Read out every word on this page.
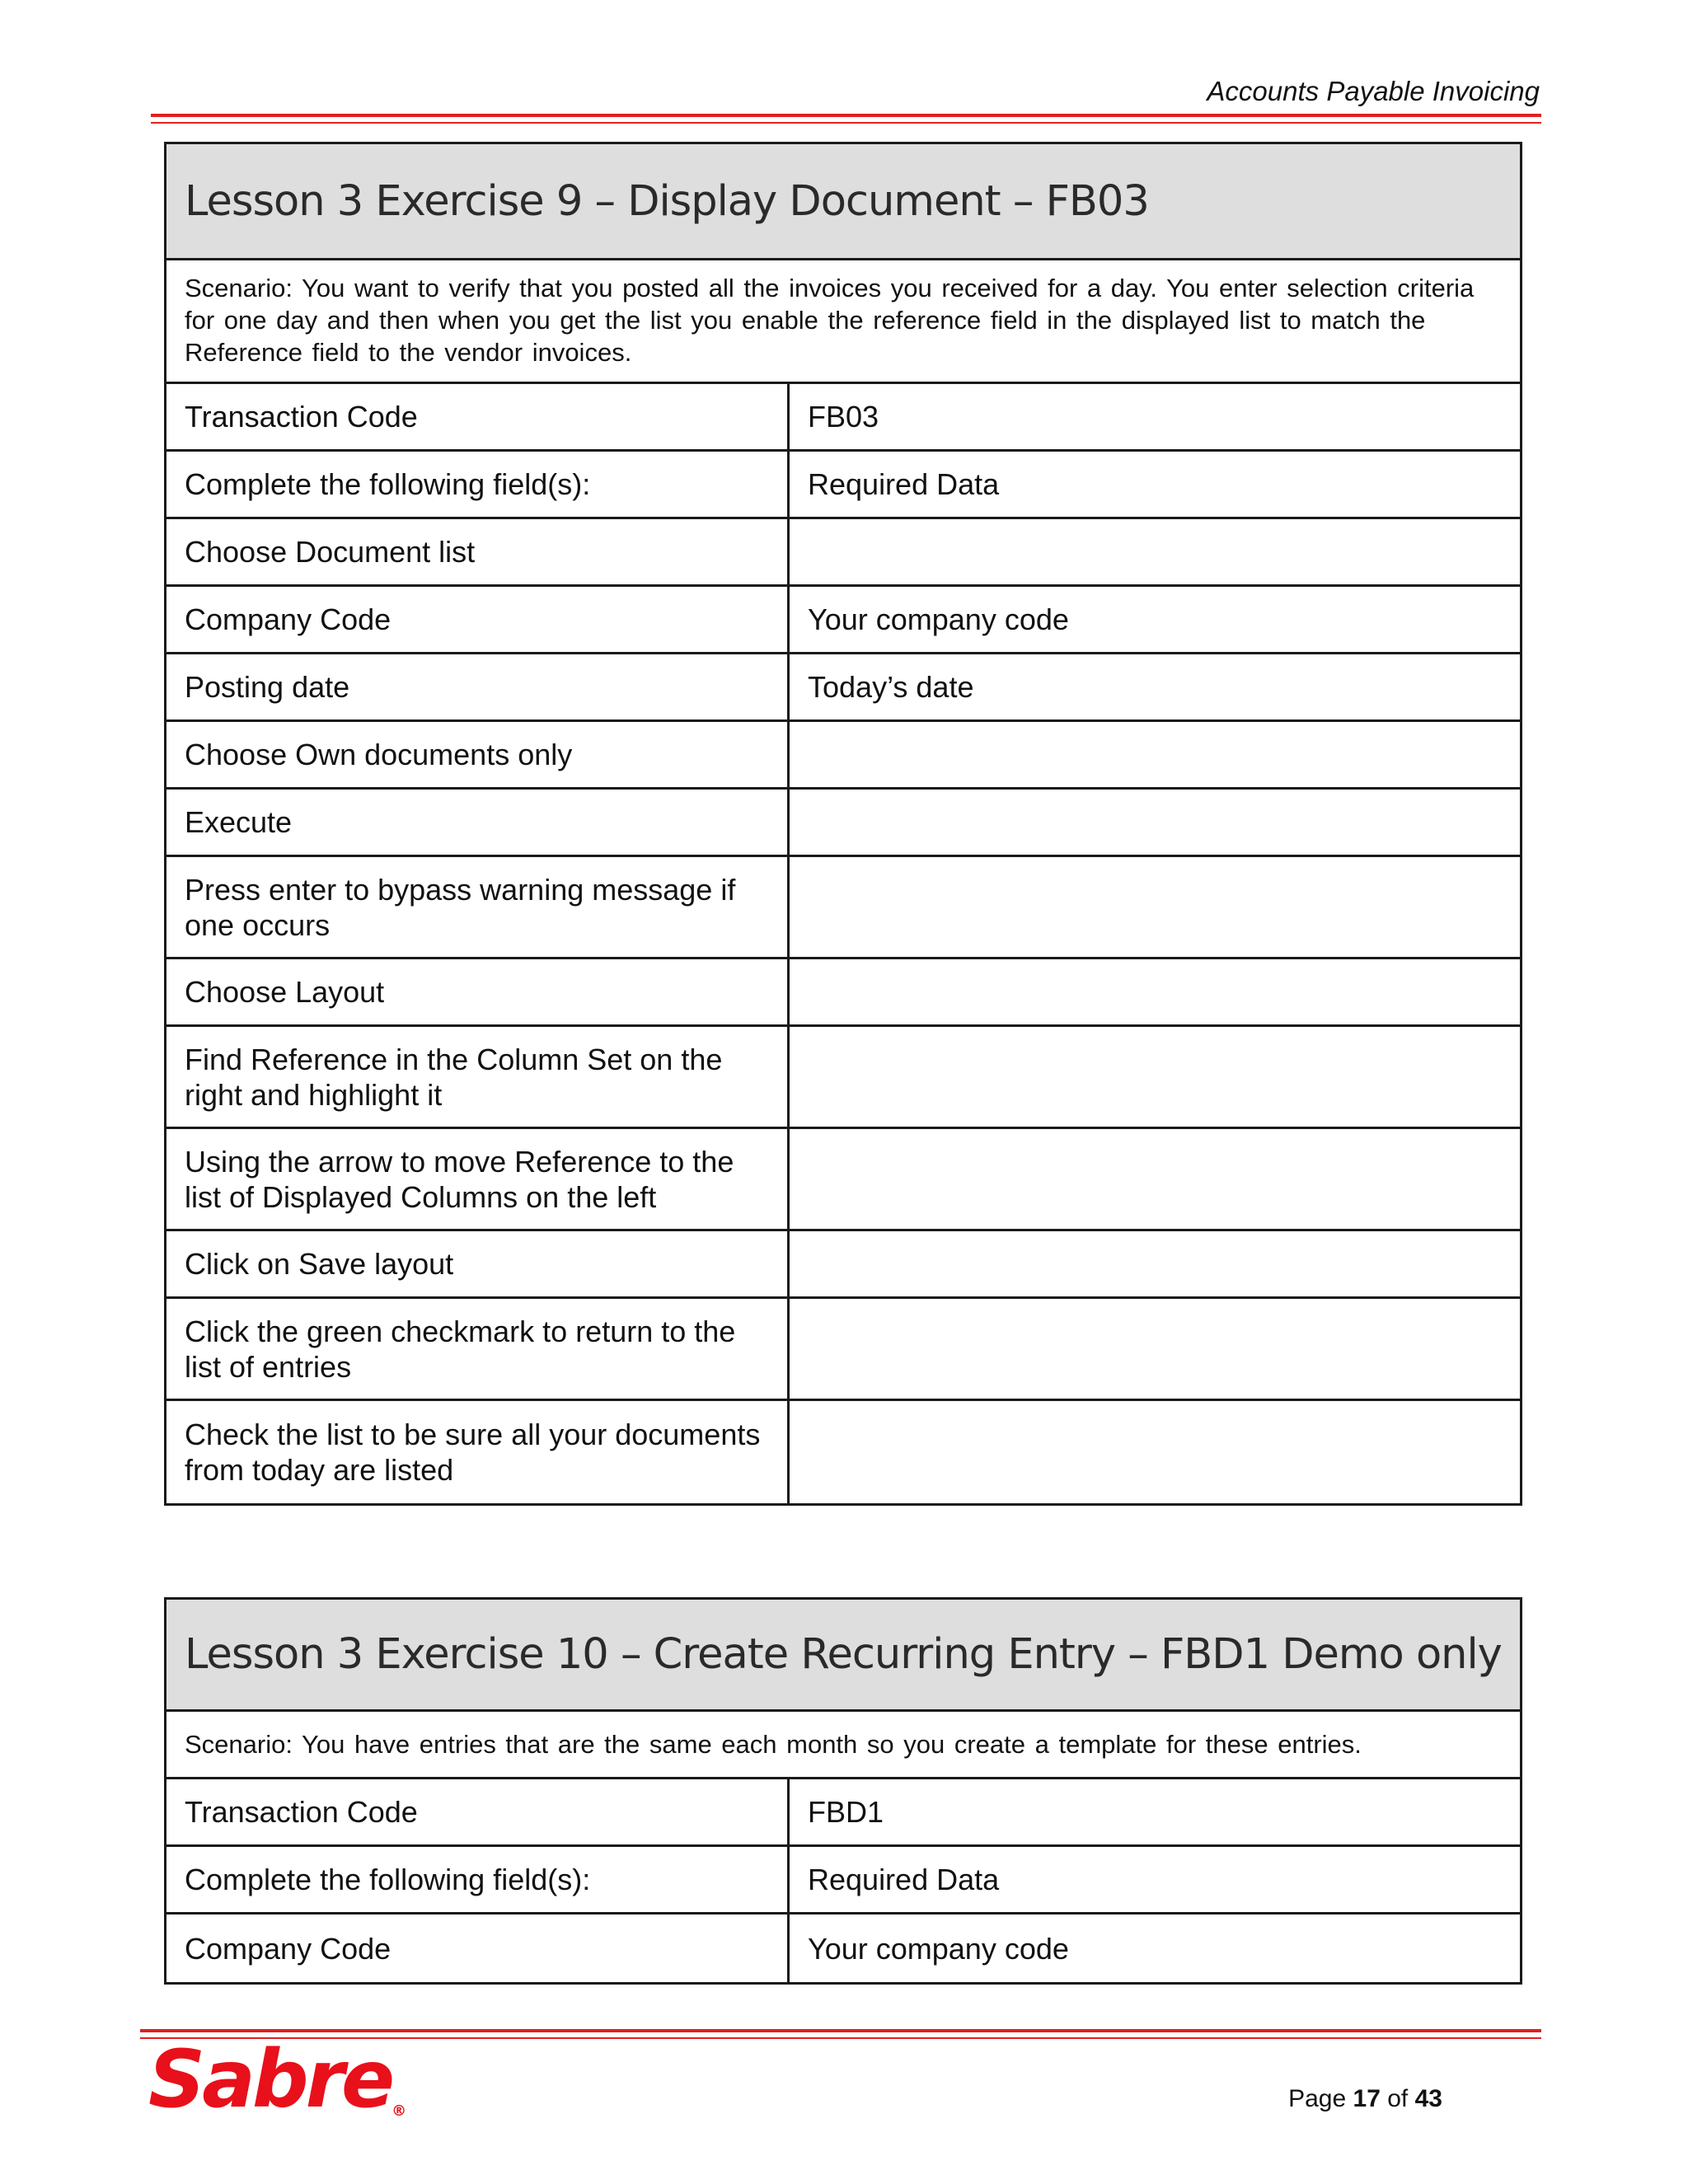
Accounts Payable Invoicing
Lesson 3 Exercise 9 – Display Document – FB03
Scenario: You want to verify that you posted all the invoices you received for a day. You enter selection criteria for one day and then when you get the list you enable the reference field in the displayed list to match the Reference field to the vendor invoices.
Transaction Code	FB03
Complete the following field(s):	Required Data
Choose Document list
Company Code	Your company code
Posting date	Today’s date
Choose Own documents only
Execute
Press enter to bypass warning message if one occurs
Choose Layout
Find Reference in the Column Set on the right and highlight it
Using the arrow to move Reference to the list of Displayed Columns on the left
Click on Save layout
Click the green checkmark to return to the list of entries
Check the list to be sure all your documents from today are listed
Lesson 3 Exercise 10 – Create Recurring Entry – FBD1 Demo only
Scenario: You have entries that are the same each month so you create a template for these entries.
Transaction Code	FBD1
Complete the following field(s):	Required Data
Company Code	Your company code
Sabre®	Page 17 of 43
